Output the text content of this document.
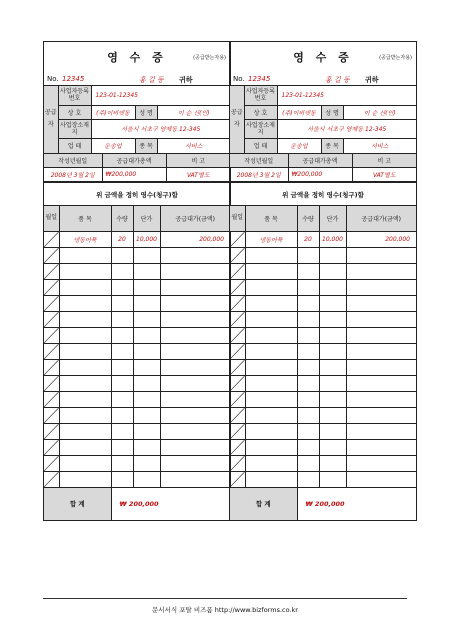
영 수 증	(공급받는자용)
No. 12345	홍 길 동 귀하
공급자	사업자등록번호	123-01-12345		
	상 호	(주)이비넷동	성 명	이 순 신(인)
	사업장소재지	서울시 서초구 양재동 12-345		
	업 태	운송업	종 목	서비스
작성년월일	공급대가총액	비 고
2008년 3월 2일	₩200,000	VAT별도
위 금액을 정히 영수(청구)함
월일	품 목	수량	단가	공급대가(금액)

	냉동어묵	20	10,000	200,000

합 계	₩ 200,000
영 수 증	(공급받는자용)
No. 12345	홍 길 동 귀하
공급자	사업자등록번호	123-01-12345		
	상 호	(주)이비넷동	성 명	이 순 신(인)
	사업장소재지	서울시 서초구 양재동 12-345		
	업 태	운송업	종 목	서비스
작성년월일	공급대가총액	비 고
2008년 3월 2일	₩200,000	VAT별도
위 금액을 정히 영수(청구)함
월일	품 목	수량	단가	공급대가(금액)

	냉동어묵	20	10,000	200,000

합 계	₩ 200,000
문서서식 포탈 비즈폼 http://www.bizforms.co.kr
